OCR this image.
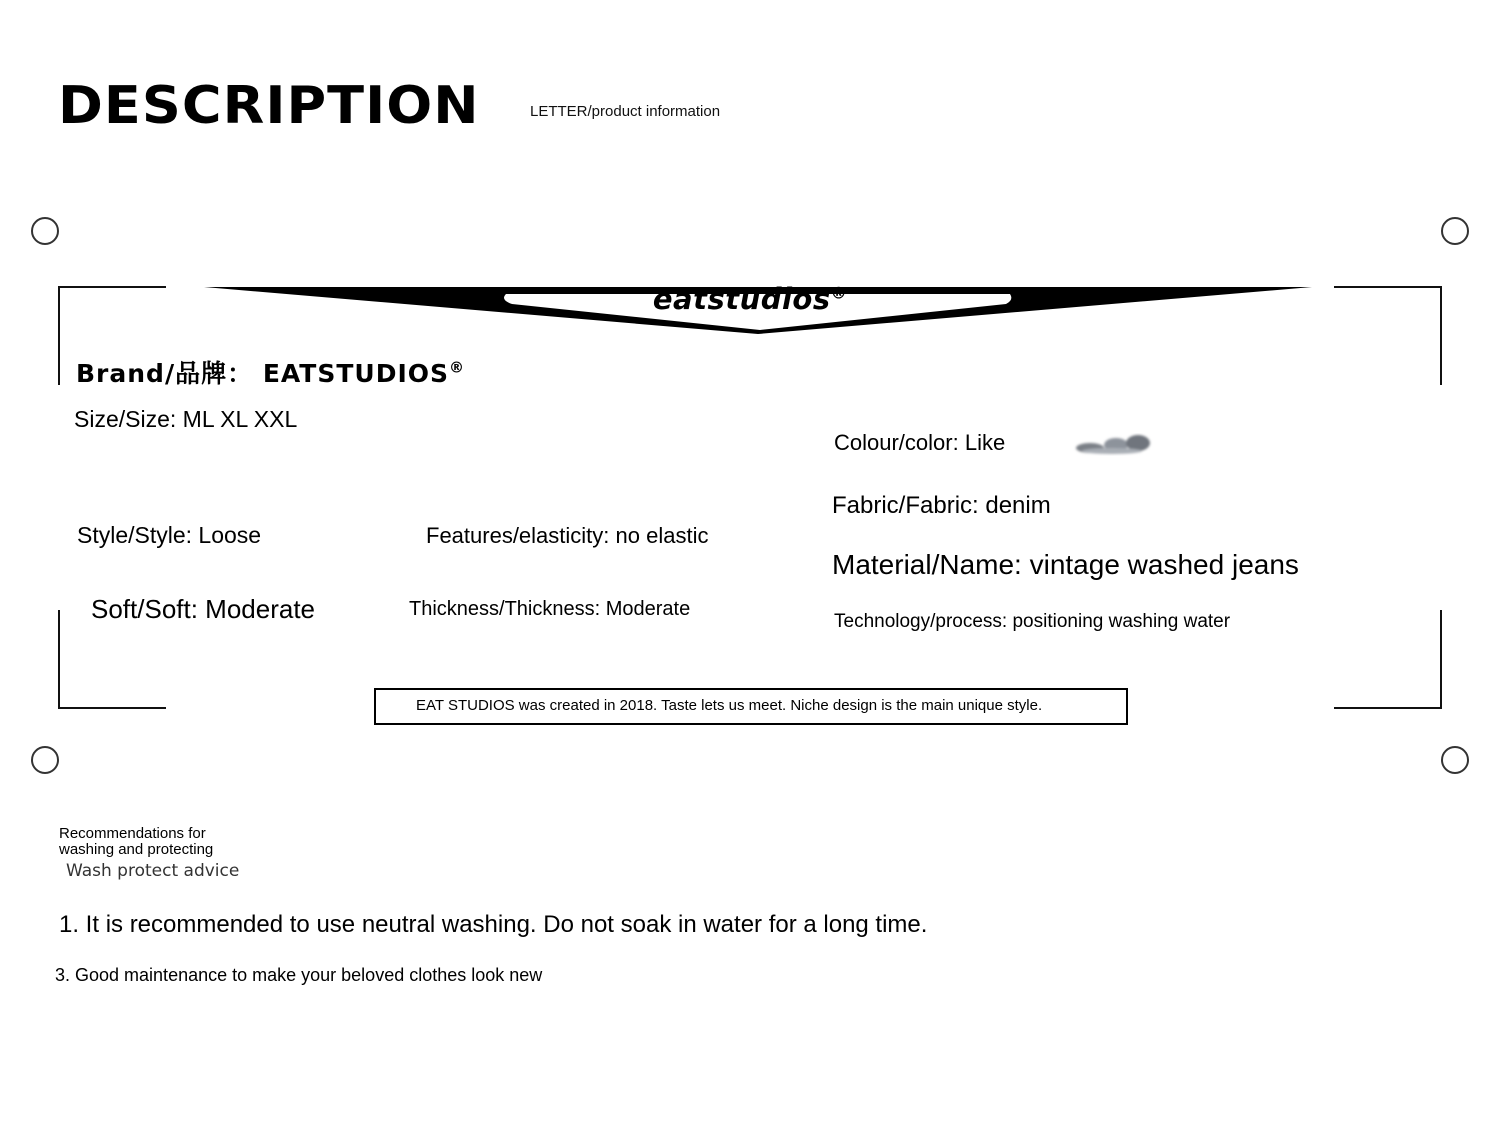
DESCRIPTION	LETTER/product information
eatstudios®
Brand/品牌： EATSTUDIOS®
Size/Size: ML XL XXL
Colour/color: Like
Fabric/Fabric: denim
Style/Style: Loose	Features/elasticity: no elastic
Material/Name: vintage washed jeans
Soft/Soft: Moderate	Thickness/Thickness: Moderate
Technology/process: positioning washing water
EAT STUDIOS was created in 2018. Taste lets us meet. Niche design is the main unique style.
Recommendations for
washing and protecting
Wash protect advice
1. It is recommended to use neutral washing. Do not soak in water for a long time.
3. Good maintenance to make your beloved clothes look new
